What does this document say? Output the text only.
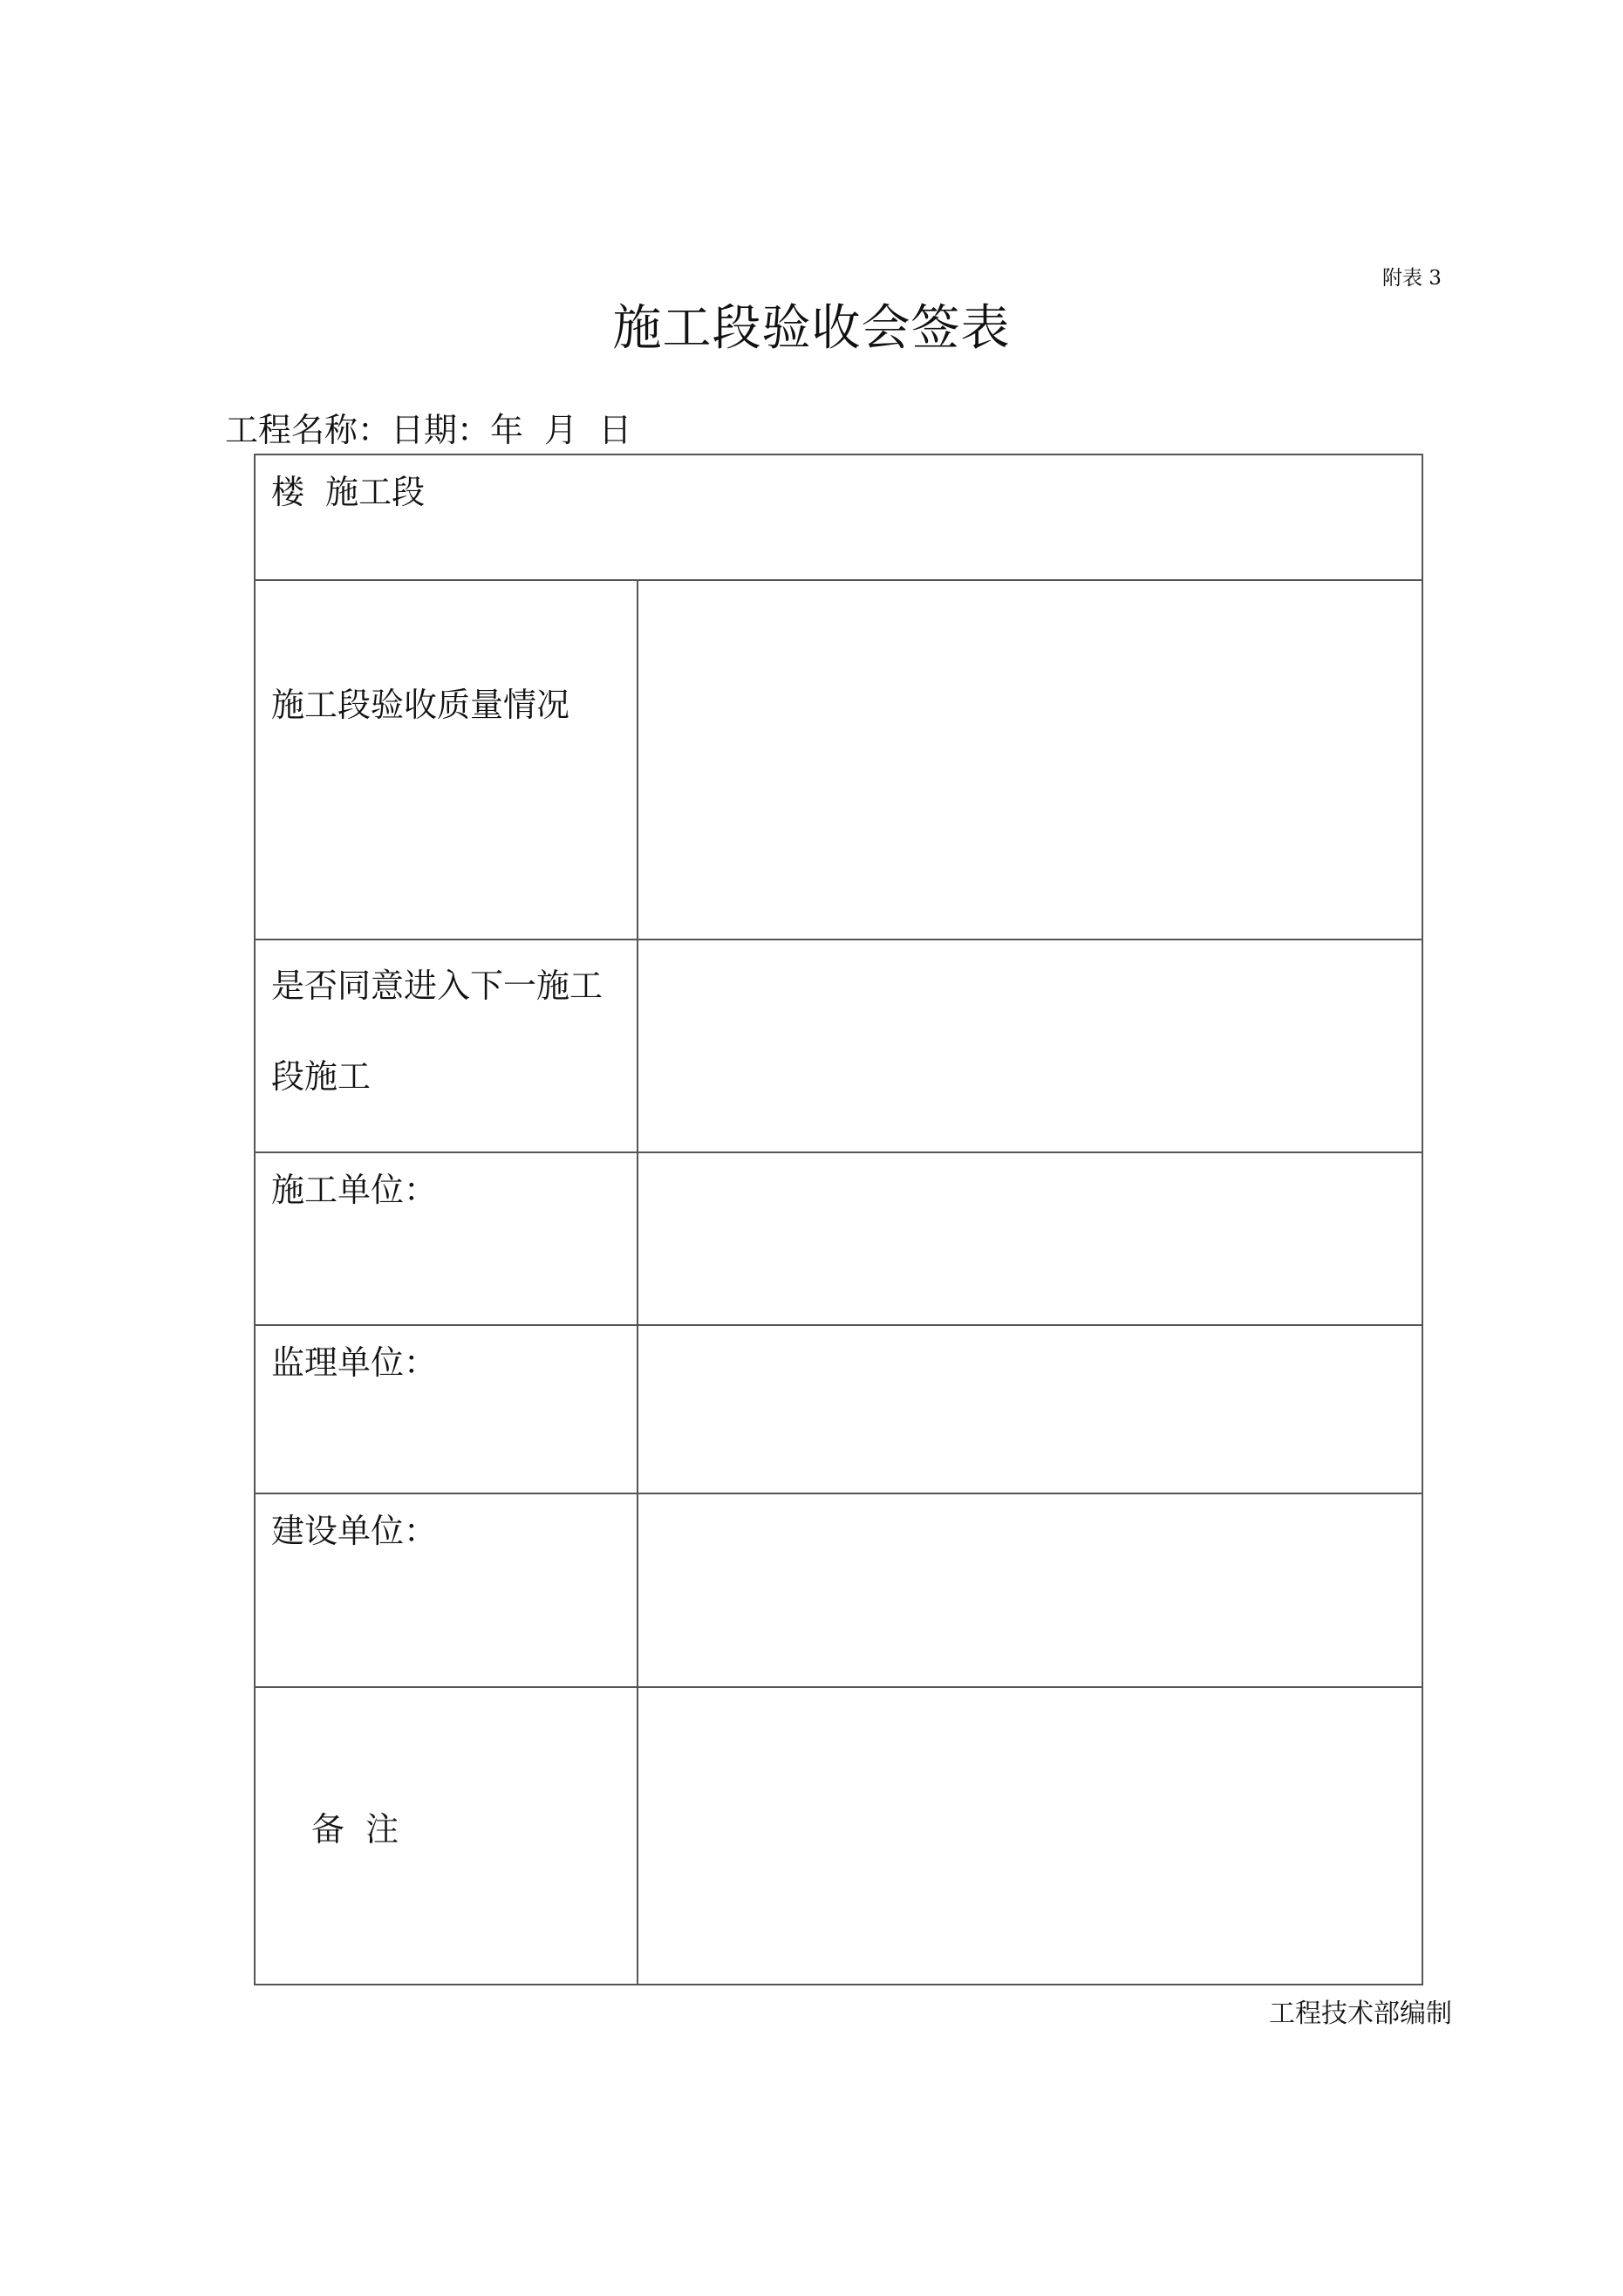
附表 3
施工段验收会签表
工程名称：日期：年  月  日
楼  施工段	

施工段验收质量情况	

是否同意进入下一施工段施工	

施工单位：	

监理单位：	

建设单位：	

备  注	

工程技术部编制
